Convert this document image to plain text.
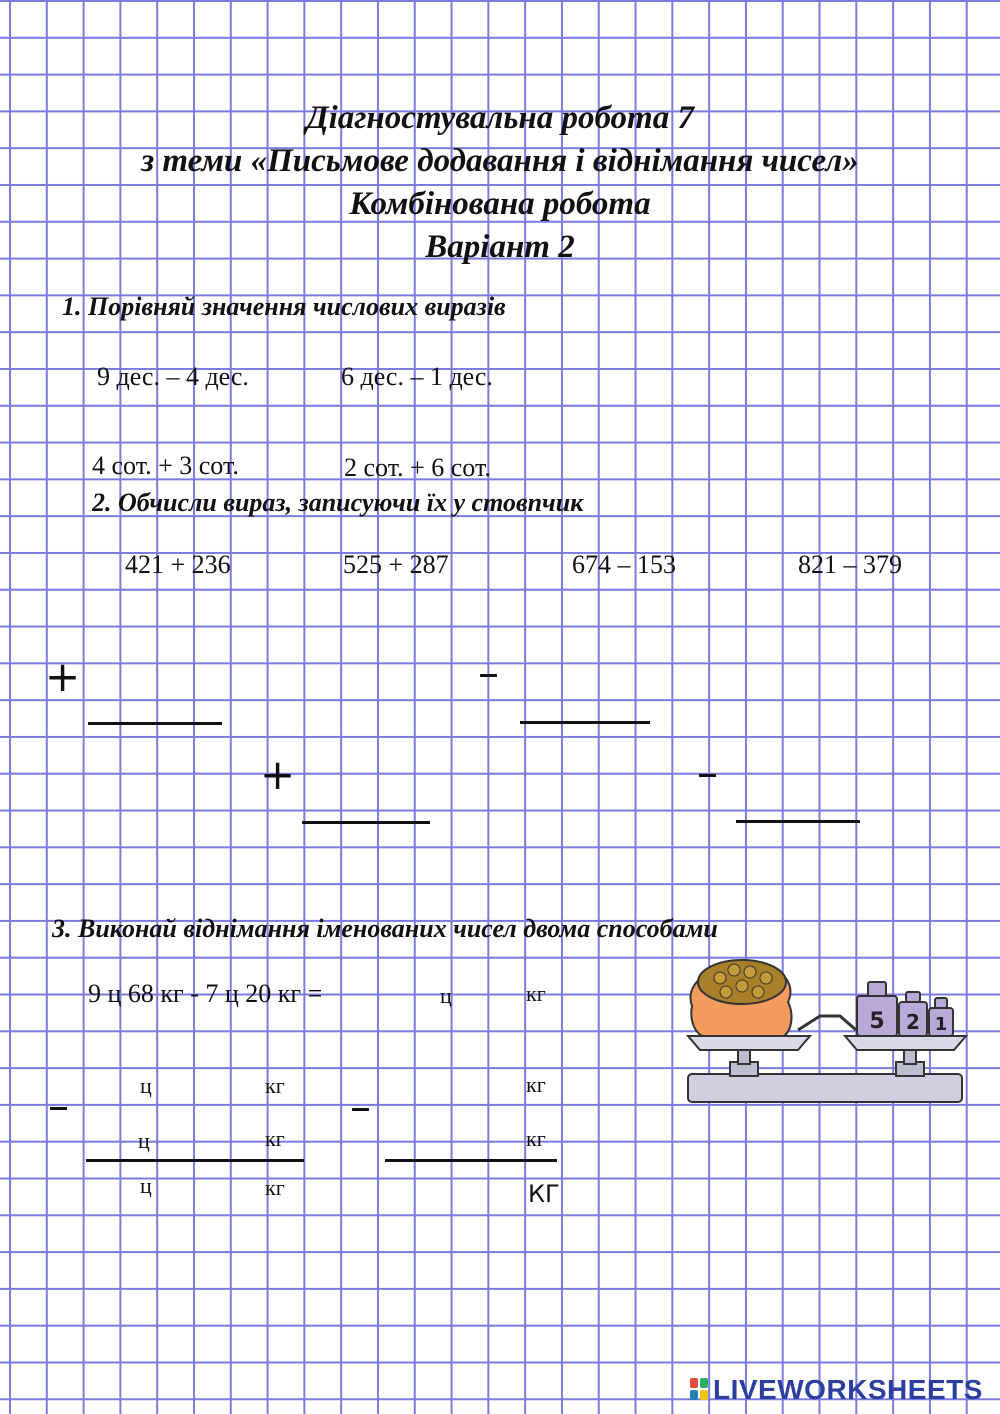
Діагностувальна робота 7
з теми «Письмове додавання і віднімання чисел»
Комбінована робота
Варіант 2
1. Порівняй значення числових виразів
9 дес. – 4 дес.	6 дес. – 1 дес.
4 сот. + 3 сот.	2 сот. + 6 сот.
2. Обчисли вираз, записуючи їх у стовпчик
421 + 236	525 + 287	674 – 153	821 – 379
+	–
+	–
3. Виконай віднімання іменованих чисел двома способами
9 ц 68 кг - 7 ц 20 кг =	ц	кг
–	ц	кг
ц	кг
ц	кг
–	кг
кг
КГ
5 2 1
LIVEWORKSHEETS
